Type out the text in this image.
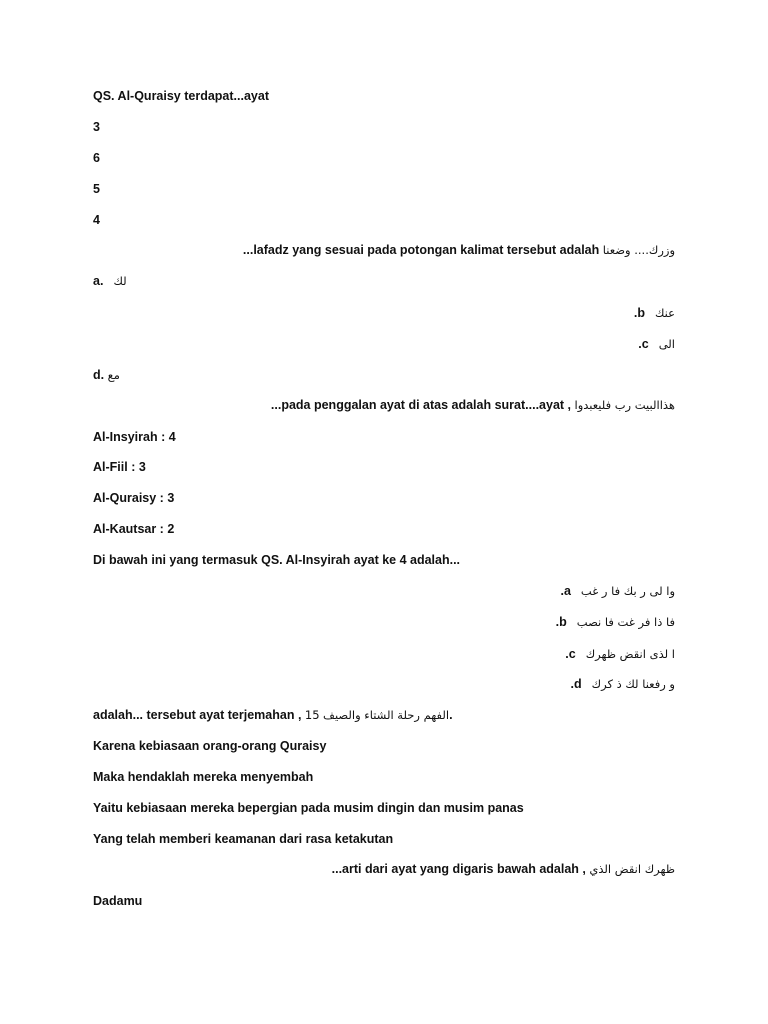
QS. Al-Quraisy terdapat...ayat
3
6
5
4
...lafadz yang sesuai pada potongan kalimat tersebut adalah وزرك.... وضعنا
a. لك
.b عنك
.c الى
d. مع
...pada penggalan ayat di atas adalah surat....ayat , هذاالبيت رب فليعبدوا
Al-Insyirah : 4
Al-Fiil : 3
Al-Quraisy : 3
Al-Kautsar : 2
Di bawah ini yang termasuk QS. Al-Insyirah ayat ke 4 adalah...
.a وا لى ر بك فا ر غب
.b فا ذا فر غت فا نصب
.c ا لذى انقض ظهرك
.d و رفعنا لك ذ كرك
adalah... tersebut ayat terjemahan , 15 الفهم رحلة الشتاء والصيف.
Karena kebiasaan orang-orang Quraisy
Maka hendaklah mereka menyembah
Yaitu kebiasaan mereka bepergian pada musim dingin dan musim panas
Yang telah memberi keamanan dari rasa ketakutan
...arti dari ayat yang digaris bawah adalah , ظهرك انقض الذي
Dadamu
